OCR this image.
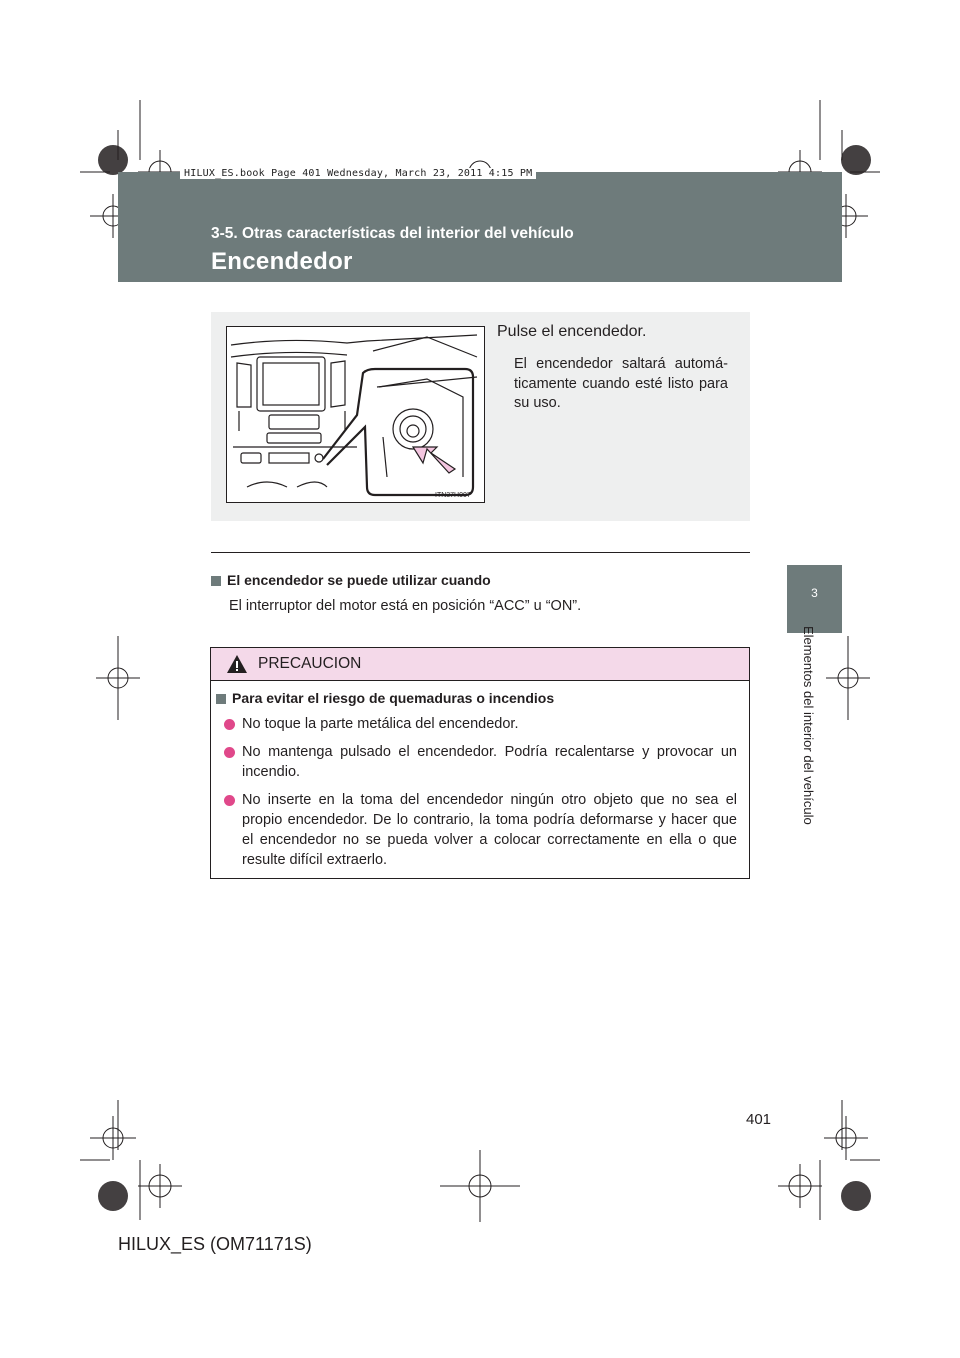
HILUX_ES.book Page 401 Wednesday, March 23, 2011 4:15 PM
3-5. Otras características del interior del vehículo
Encendedor
3
Elementos del interior del vehículo
ITN37H007
Pulse el encendedor.
El encendedor saltará automá-ticamente cuando esté listo para su uso.
El encendedor se puede utilizar cuando
El interruptor del motor está en posición “ACC” u “ON”.
PRECAUCION
Para evitar el riesgo de quemaduras o incendios
No toque la parte metálica del encendedor.
No mantenga pulsado el encendedor. Podría recalentarse y provocar un incendio.
No inserte en la toma del encendedor ningún otro objeto que no sea el propio encendedor. De lo contrario, la toma podría deformarse y hacer que el encendedor no se pueda volver a colocar correctamente en ella o que resulte difícil extraerlo.
401
HILUX_ES (OM71171S)
